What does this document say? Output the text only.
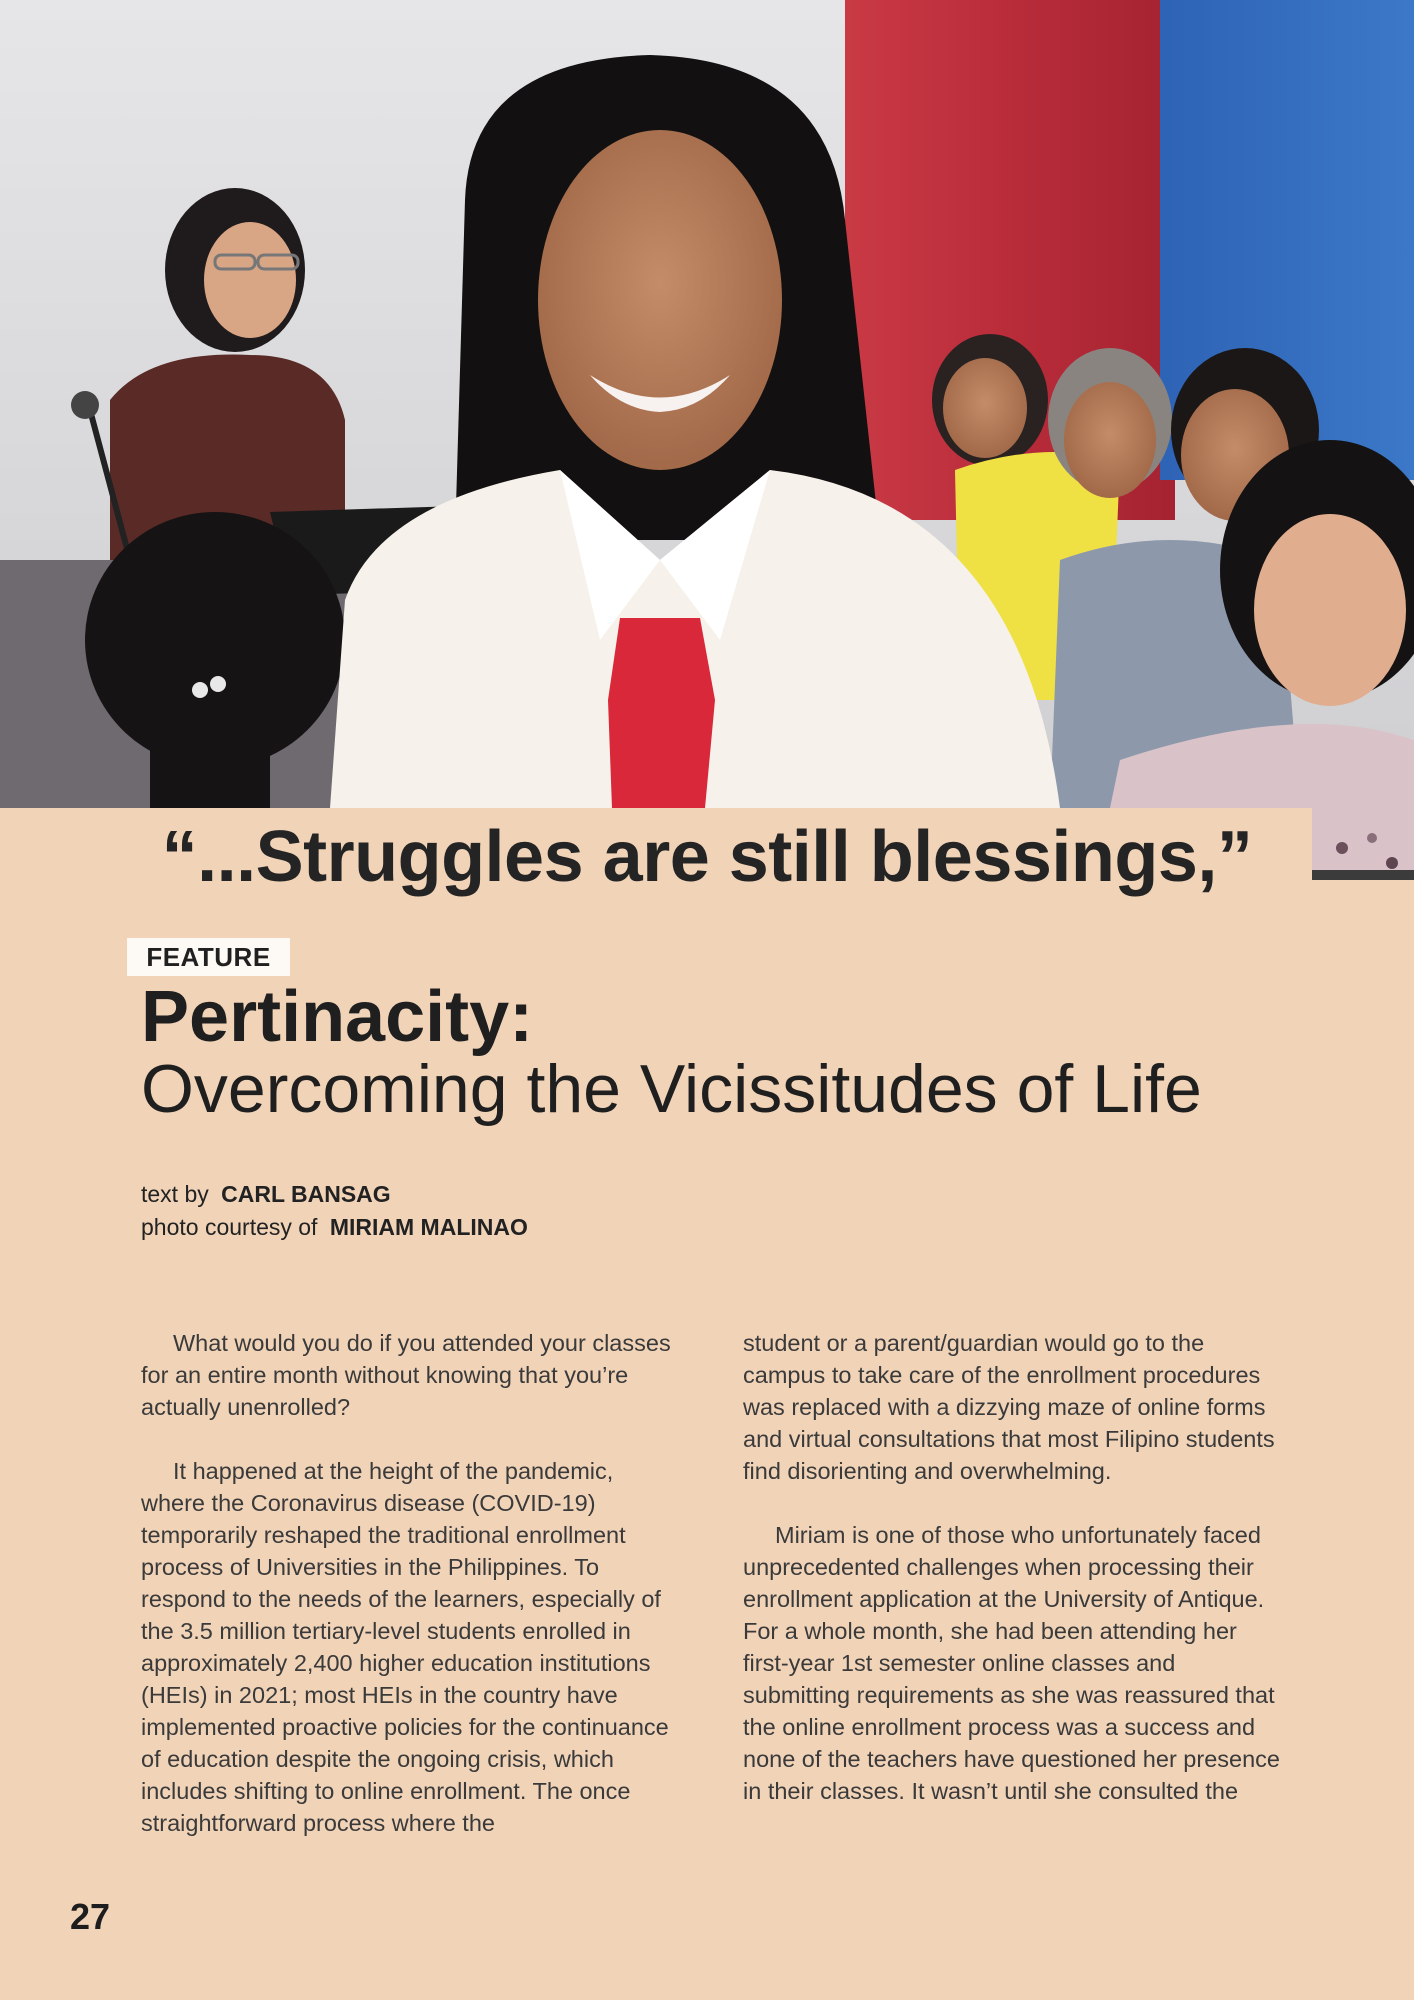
“...Struggles are still blessings,”
FEATURE
Pertinacity:
Overcoming the Vicissitudes of Life
text by CARL BANSAG
photo courtesy of MIRIAM MALINAO

What would you do if you attended your classes for an entire month without knowing that you’re actually unenrolled?

It happened at the height of the pandemic, where the Coronavirus disease (COVID-19) temporarily reshaped the traditional enrollment process of Universities in the Philippines. To respond to the needs of the learners, especially of the 3.5 million tertiary-level students enrolled in approximately 2,400 higher education institutions (HEIs) in 2021; most HEIs in the country have implemented proactive policies for the continuance of education despite the ongoing crisis, which includes shifting to online enrollment. The once straightforward process where the

student or a parent/guardian would go to the campus to take care of the enrollment procedures was replaced with a dizzying maze of online forms and virtual consultations that most Filipino students find disorienting and overwhelming.

Miriam is one of those who unfortunately faced unprecedented challenges when processing their enrollment application at the University of Antique. For a whole month, she had been attending her first-year 1st semester online classes and submitting requirements as she was reassured that the online enrollment process was a success and none of the teachers have questioned her presence in their classes. It wasn’t until she consulted the

27
